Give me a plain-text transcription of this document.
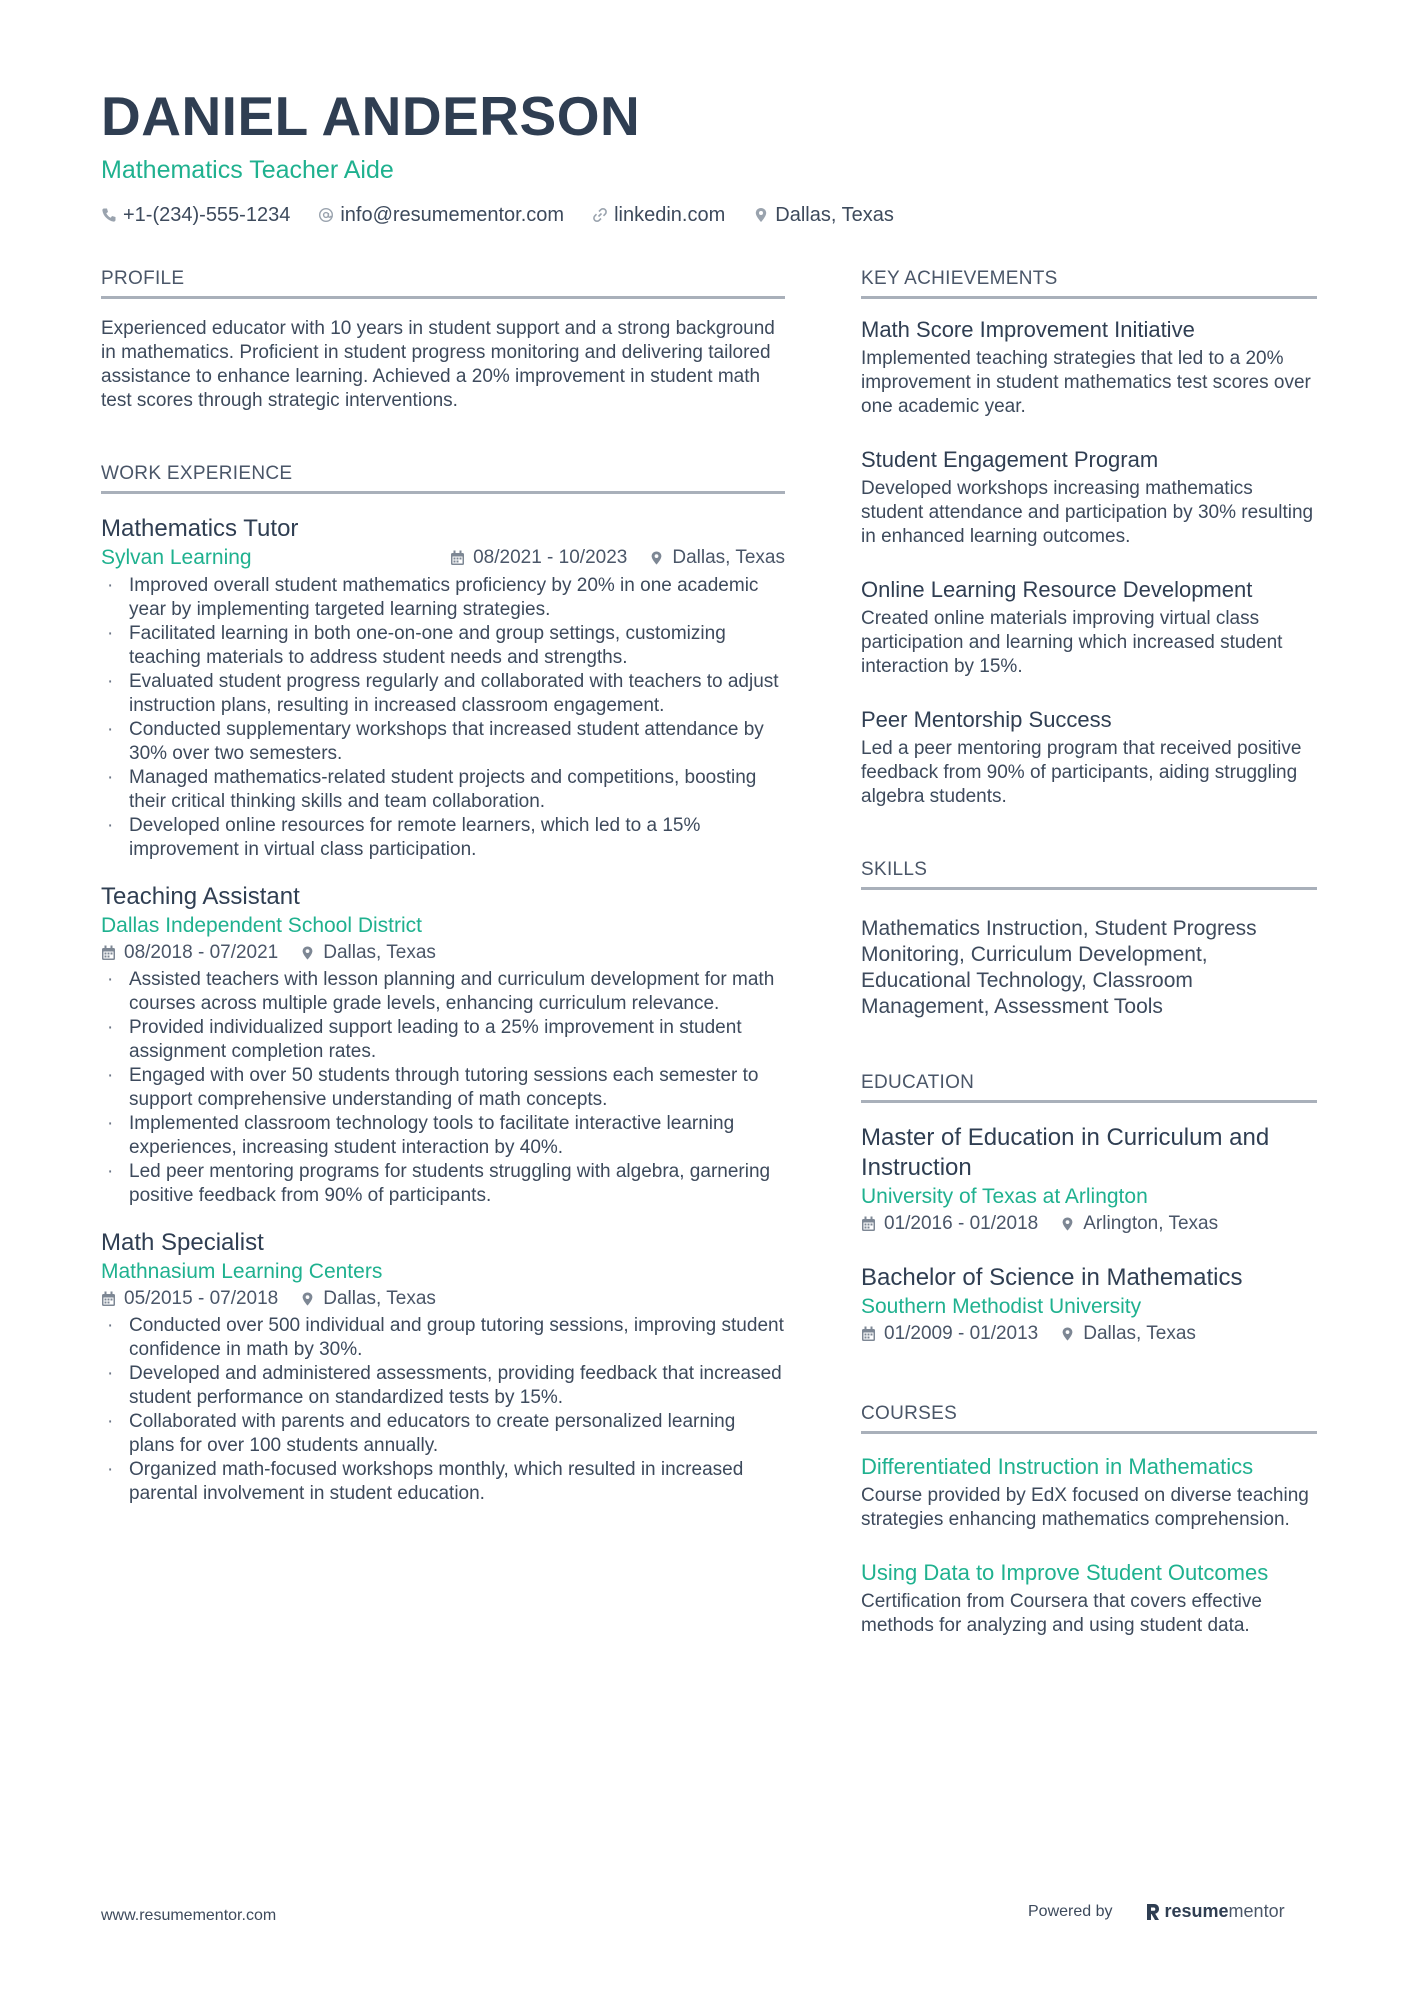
DANIEL ANDERSON
Mathematics Teacher Aide
+1-(234)-555-1234	info@resumementor.com	linkedin.com	Dallas, Texas
PROFILE
Experienced educator with 10 years in student support and a strong background in mathematics. Proficient in student progress monitoring and delivering tailored assistance to enhance learning. Achieved a 20% improvement in student math test scores through strategic interventions.
WORK EXPERIENCE
Mathematics Tutor
Sylvan Learning	08/2021 - 10/2023 Dallas, Texas
· Improved overall student mathematics proficiency by 20% in one academic year by implementing targeted learning strategies.
· Facilitated learning in both one-on-one and group settings, customizing teaching materials to address student needs and strengths.
· Evaluated student progress regularly and collaborated with teachers to adjust instruction plans, resulting in increased classroom engagement.
· Conducted supplementary workshops that increased student attendance by 30% over two semesters.
· Managed mathematics-related student projects and competitions, boosting their critical thinking skills and team collaboration.
· Developed online resources for remote learners, which led to a 15% improvement in virtual class participation.
Teaching Assistant
Dallas Independent School District
08/2018 - 07/2021 Dallas, Texas
· Assisted teachers with lesson planning and curriculum development for math courses across multiple grade levels, enhancing curriculum relevance.
· Provided individualized support leading to a 25% improvement in student assignment completion rates.
· Engaged with over 50 students through tutoring sessions each semester to support comprehensive understanding of math concepts.
· Implemented classroom technology tools to facilitate interactive learning experiences, increasing student interaction by 40%.
· Led peer mentoring programs for students struggling with algebra, garnering positive feedback from 90% of participants.
Math Specialist
Mathnasium Learning Centers
05/2015 - 07/2018 Dallas, Texas
· Conducted over 500 individual and group tutoring sessions, improving student confidence in math by 30%.
· Developed and administered assessments, providing feedback that increased student performance on standardized tests by 15%.
· Collaborated with parents and educators to create personalized learning plans for over 100 students annually.
· Organized math-focused workshops monthly, which resulted in increased parental involvement in student education.
KEY ACHIEVEMENTS
Math Score Improvement Initiative
Implemented teaching strategies that led to a 20% improvement in student mathematics test scores over one academic year.
Student Engagement Program
Developed workshops increasing mathematics student attendance and participation by 30% resulting in enhanced learning outcomes.
Online Learning Resource Development
Created online materials improving virtual class participation and learning which increased student interaction by 15%.
Peer Mentorship Success
Led a peer mentoring program that received positive feedback from 90% of participants, aiding struggling algebra students.
SKILLS
Mathematics Instruction, Student Progress Monitoring, Curriculum Development, Educational Technology, Classroom Management, Assessment Tools
EDUCATION
Master of Education in Curriculum and Instruction
University of Texas at Arlington
01/2016 - 01/2018 Arlington, Texas
Bachelor of Science in Mathematics
Southern Methodist University
01/2009 - 01/2013 Dallas, Texas
COURSES
Differentiated Instruction in Mathematics
Course provided by EdX focused on diverse teaching strategies enhancing mathematics comprehension.
Using Data to Improve Student Outcomes
Certification from Coursera that covers effective methods for analyzing and using student data.
www.resumementor.com	Powered by	resume mentor
